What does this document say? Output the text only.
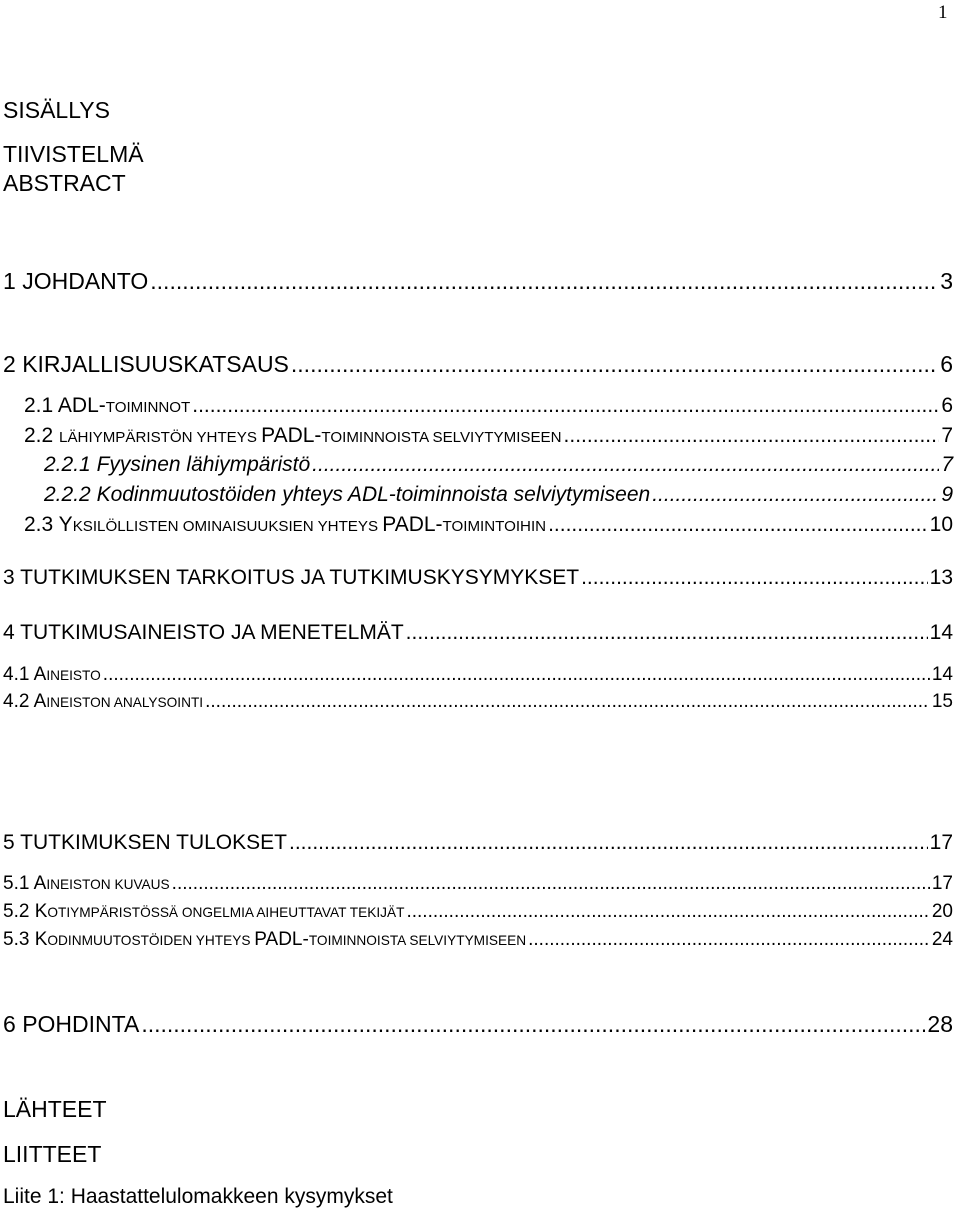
1
SISÄLLYS
TIIVISTELMÄ
ABSTRACT
1 JOHDANTO .....	3
2 KIRJALLISUUSKATSAUS .....	6
2.1 ADL-TOIMINNOT .....	6
2.2 LÄHIYMPÄRISTÖN YHTEYS PADL-TOIMINNOISTA SELVIYTYMISEEN .....	7
2.2.1 Fyysinen lähiympäristö .....	7
2.2.2 Kodinmuutostöiden yhteys ADL-toiminnoista selviytymiseen .....	9
2.3 YKSILÖLLISTEN OMINAISUUKSIEN YHTEYS PADL-TOIMINTOIHIN .....	10
3 TUTKIMUKSEN TARKOITUS JA TUTKIMUSKYSYMYKSET .....	13
4 TUTKIMUSAINEISTO JA MENETELMÄT .....	14
4.1 AINEISTO .....	14
4.2 AINEISTON ANALYSOINTI .....	15
5 TUTKIMUKSEN TULOKSET .....	17
5.1 AINEISTON KUVAUS .....	17
5.2 KOTIYMPÄRISTÖSSÄ ONGELMIA AIHEUTTAVAT TEKIJÄT .....	20
5.3 KODINMUUTOSTÖIDEN YHTEYS PADL-TOIMINNOISTA SELVIYTYMISEEN .....	24
6 POHDINTA .....	28
LÄHTEET
LIITTEET
Liite 1: Haastattelulomakkeen kysymykset
